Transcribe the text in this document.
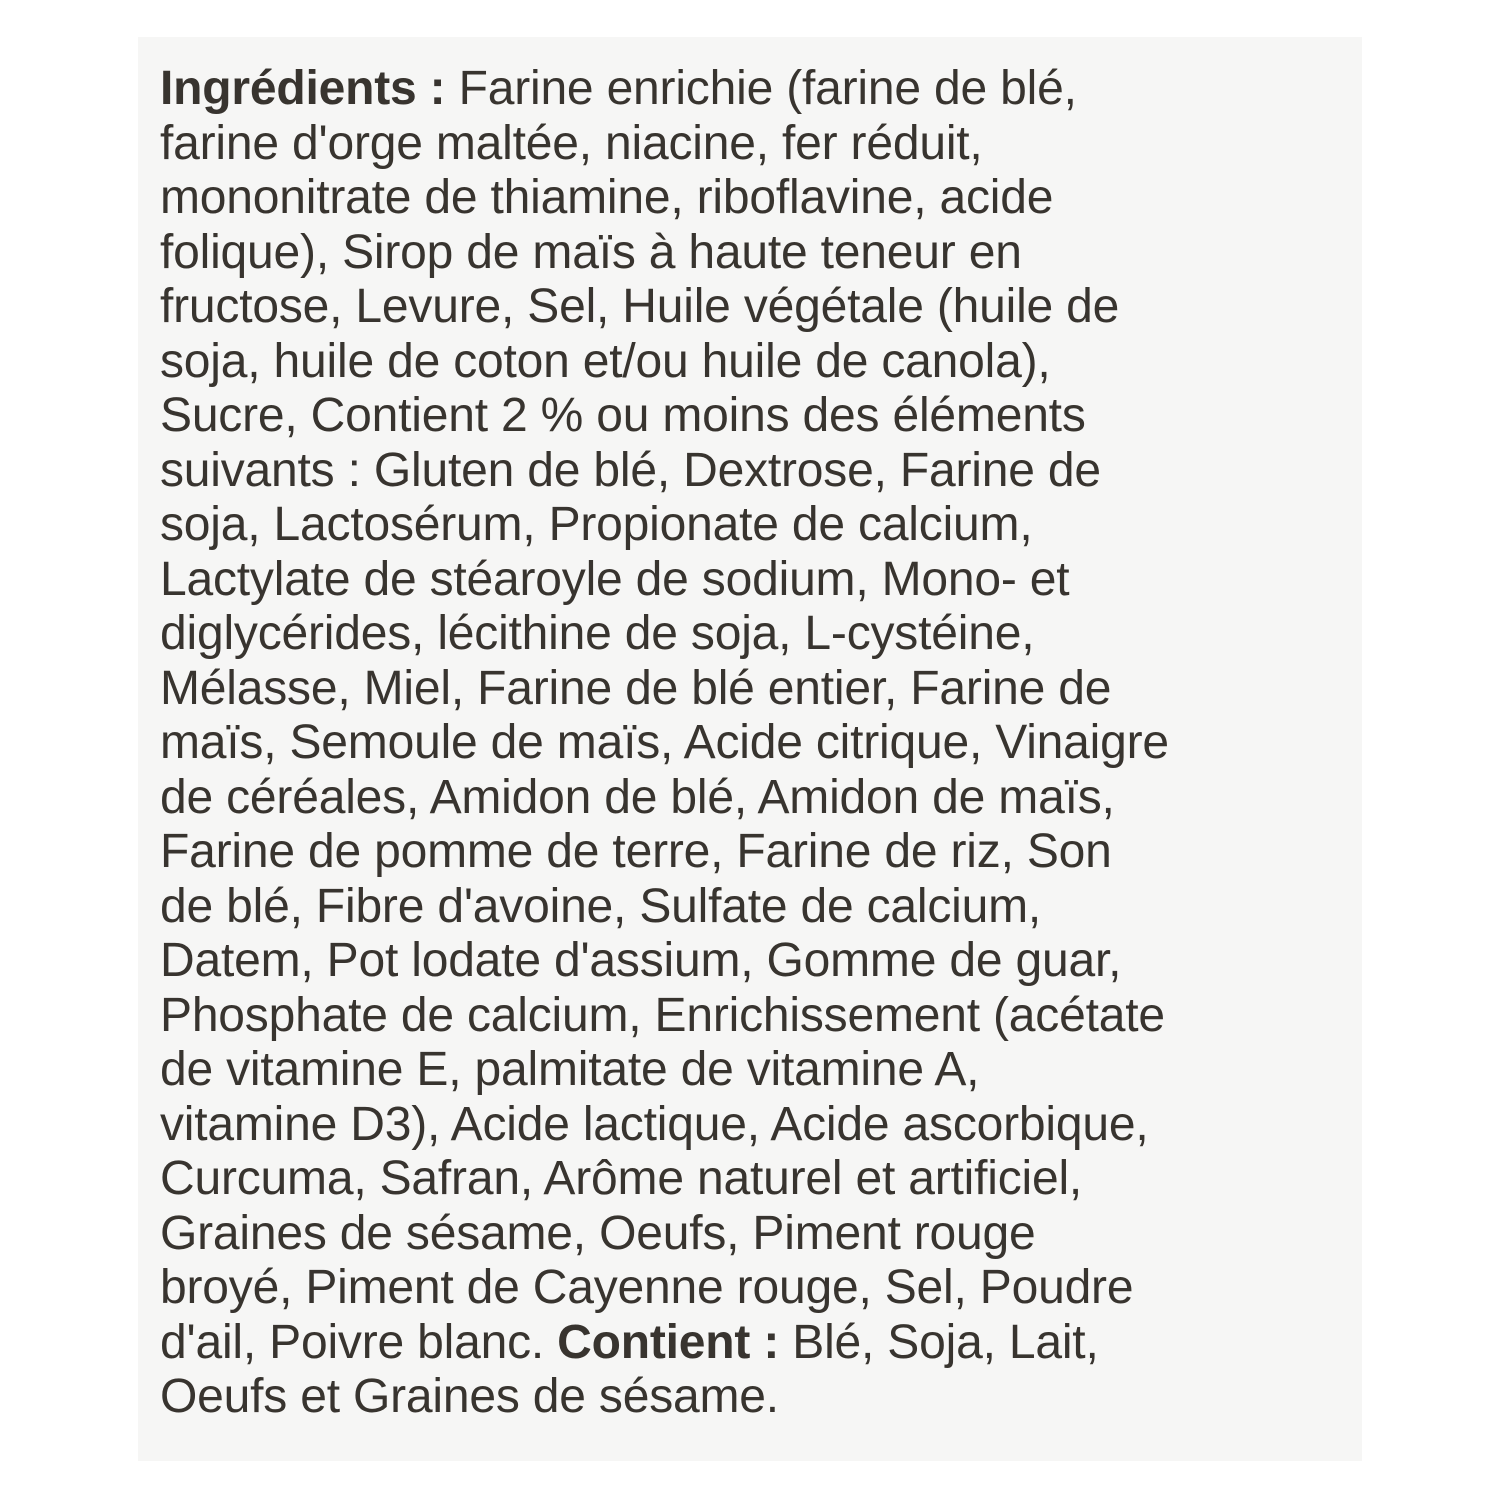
Ingrédients : Farine enrichie (farine de blé,
farine d'orge maltée, niacine, fer réduit,
mononitrate de thiamine, riboflavine, acide
folique), Sirop de maïs à haute teneur en
fructose, Levure, Sel, Huile végétale (huile de
soja, huile de coton et/ou huile de canola),
Sucre, Contient 2 % ou moins des éléments
suivants : Gluten de blé, Dextrose, Farine de
soja, Lactosérum, Propionate de calcium,
Lactylate de stéaroyle de sodium, Mono- et
diglycérides, lécithine de soja, L-cystéine,
Mélasse, Miel, Farine de blé entier, Farine de
maïs, Semoule de maïs, Acide citrique, Vinaigre
de céréales, Amidon de blé, Amidon de maïs,
Farine de pomme de terre, Farine de riz, Son
de blé, Fibre d'avoine, Sulfate de calcium,
Datem, Pot lodate d'assium, Gomme de guar,
Phosphate de calcium, Enrichissement (acétate
de vitamine E, palmitate de vitamine A,
vitamine D3), Acide lactique, Acide ascorbique,
Curcuma, Safran, Arôme naturel et artificiel,
Graines de sésame, Oeufs, Piment rouge
broyé, Piment de Cayenne rouge, Sel, Poudre
d'ail, Poivre blanc. Contient : Blé, Soja, Lait,
Oeufs et Graines de sésame.
